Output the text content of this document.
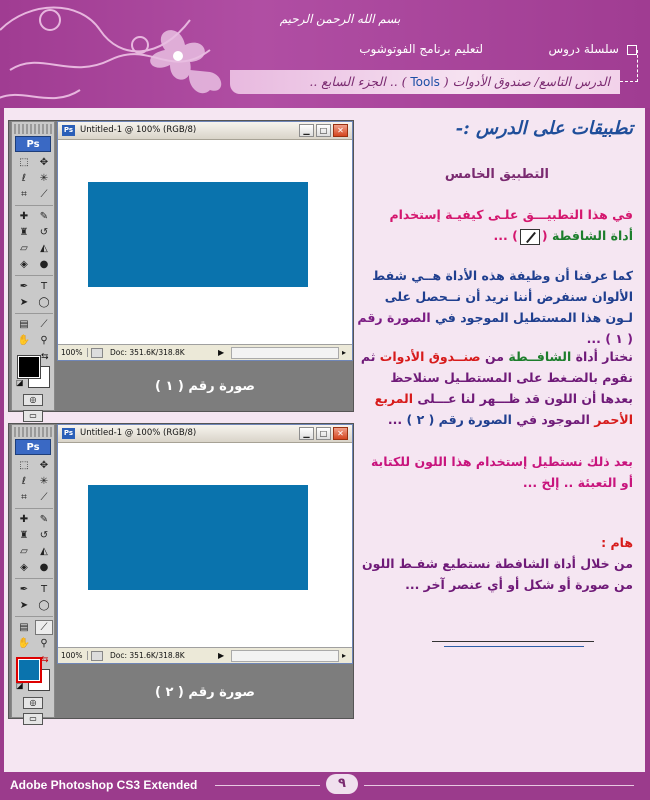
بسم الله الرحمن الرحيم
سلسلة دروس
لتعليم برنامج الفوتوشوب
الدرس التاسع/ صندوق الأدوات ( Tools ) .. الجزء السابع ..
Ps
⬚	✥
ℓ	✳
⌗	⟋
✚	✎
♜	↺
▱	◭
◈	●
✒	T
➤	◯
▤	⟋
✋	⚲
⇆
◪
◎
▭
Ps Untitled-1 @ 100% (RGB/8)	▁	□	✕
100%	Doc: 351.6K/318.8K	▶	▸
صورة رقم ( ١ )
Ps
⬚	✥
ℓ	✳
⌗	⟋
✚	✎
♜	↺
▱	◭
◈	●
✒	T
➤	◯
▤	⟋
✋	⚲
⇆
◪
◎
▭
Ps Untitled-1 @ 100% (RGB/8)	▁	□	✕
100%	Doc: 351.6K/318.8K	▶	▸
صورة رقم ( ٢ )
تطبيقات على الدرس :-
التطبيق الخامس
في هذا التطبيـــق علـى كيفيـة إستخدام
أداة الشافطة () ...
كما عرفنا أن وظيفة هذه الأداة هــي شفط الألوان سنفرض أننا نريد أن نــحصل على لـون هذا المستطيل الموجود في الصورة رقم ( ١ ) ...
نختار أداة الشافــطة من صنــدوق الأدوات ثم نقوم بالضـغط على المستطـيل سنلاحظ بعدها أن اللون قد ظـــهر لنا عـــلى المربع الأحمر الموجود في الصورة رقم ( ٢ ) ...
بعد ذلك نستطيل إستخدام هذا اللون للكتابة
أو التعبئة .. إلخ ...
هام :
من خلال أداة الشافطة نستطيع شفـط اللون من صورة أو شكل أو أي عنصر آخر ...
Adobe Photoshop CS3 Extended	٩
